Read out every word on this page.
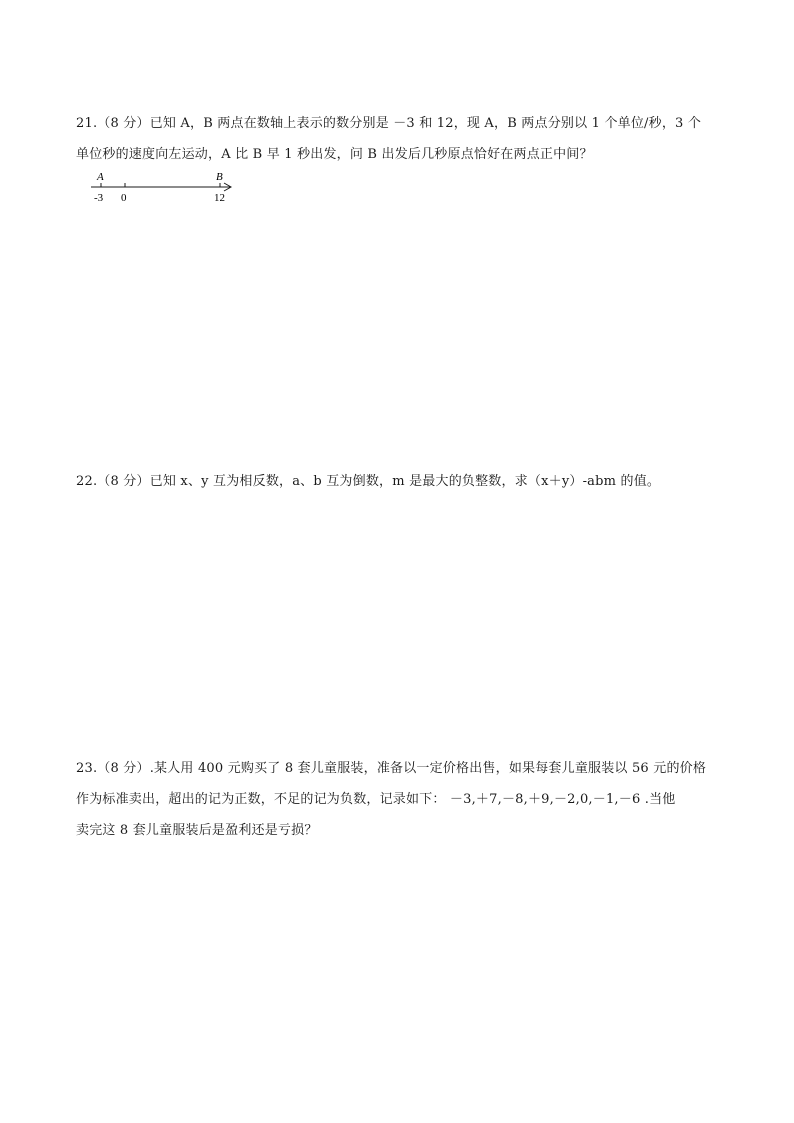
21.（8 分）已知 A，B 两点在数轴上表示的数分别是 －3 和 12，现 A，B 两点分别以 1 个单位/秒，3 个
单位秒的速度向左运动，A 比 B 早 1 秒出发，问 B 出发后几秒原点恰好在两点正中间？
A	B
-3 0	12
22.（8 分）已知 x、y 互为相反数，a、b 互为倒数，m 是最大的负整数，求（x＋y）-abm 的值。
23.（8 分）.某人用 400 元购买了 8 套儿童服装，准备以一定价格出售，如果每套儿童服装以 56 元的价格
作为标准卖出，超出的记为正数，不足的记为负数，记录如下： －3,＋7,－8,＋9,－2,0,－1,－6 .当他
卖完这 8 套儿童服装后是盈利还是亏损？
